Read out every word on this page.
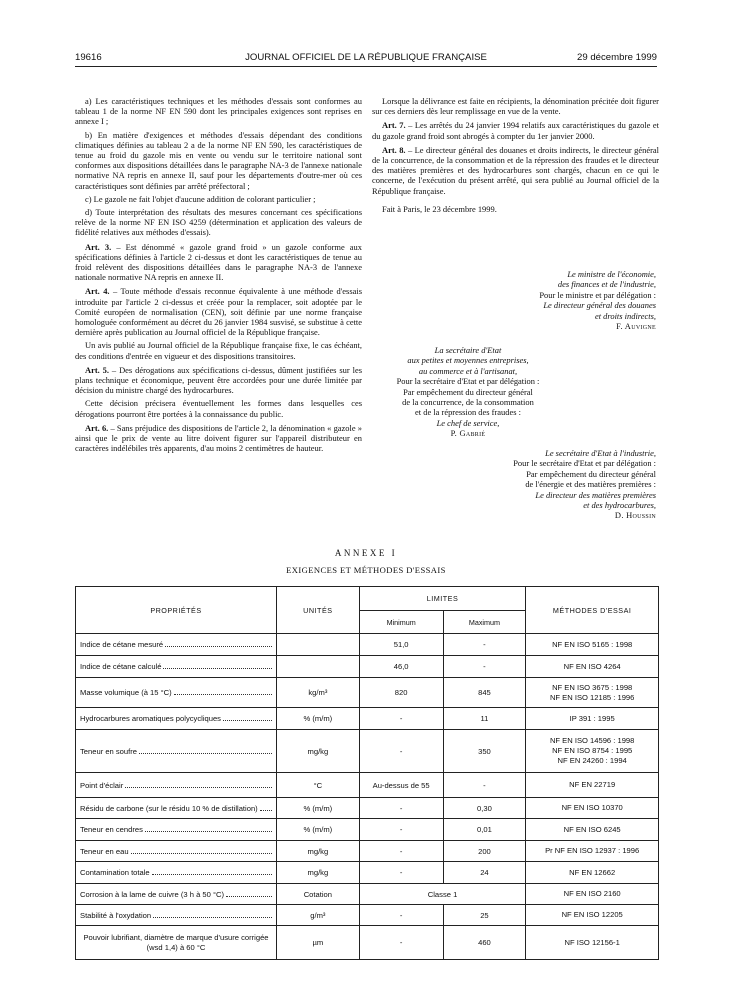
19616	JOURNAL OFFICIEL DE LA RÉPUBLIQUE FRANÇAISE	29 décembre 1999

a) Les caractéristiques techniques et les méthodes d'essais sont conformes au tableau 1 de la norme NF EN 590 dont les principales exigences sont reprises en annexe I ;

b) En matière d'exigences et méthodes d'essais dépendant des conditions climatiques définies au tableau 2 a de la norme NF EN 590, les caractéristiques de tenue au froid du gazole mis en vente ou vendu sur le territoire national sont conformes aux dispositions détaillées dans le paragraphe NA-3 de l'annexe nationale normative NA repris en annexe II, sauf pour les départements d'outre-mer où ces caractéristiques sont définies par arrêté préfectoral ;

c) Le gazole ne fait l'objet d'aucune addition de colorant particulier ;

d) Toute interprétation des résultats des mesures concernant ces spécifications relève de la norme NF EN ISO 4259 (détermination et application des valeurs de fidélité relatives aux méthodes d'essais).

Art. 3. – Est dénommé « gazole grand froid » un gazole conforme aux spécifications définies à l'article 2 ci-dessus et dont les caractéristiques de tenue au froid relèvent des dispositions détaillées dans le paragraphe NA-3 de l'annexe nationale normative NA repris en annexe II.

Art. 4. – Toute méthode d'essais reconnue équivalente à une méthode d'essais introduite par l'article 2 ci-dessus et créée pour la remplacer, soit adoptée par le Comité européen de normalisation (CEN), soit définie par une norme française homologuée conformément au décret du 26 janvier 1984 susvisé, se substitue à cette dernière après publication au Journal officiel de la République française.

Un avis publié au Journal officiel de la République française fixe, le cas échéant, des conditions d'entrée en vigueur et des dispositions transitoires.

Art. 5. – Des dérogations aux spécifications ci-dessus, dûment justifiées sur les plans technique et économique, peuvent être accordées pour une durée limitée par décision du ministre chargé des hydrocarbures.

Cette décision précisera éventuellement les formes dans lesquelles ces dérogations pourront être portées à la connaissance du public.

Art. 6. – Sans préjudice des dispositions de l'article 2, la dénomination « gazole » ainsi que le prix de vente au litre doivent figurer sur l'appareil distributeur en caractères indélébiles très apparents, d'au moins 2 centimètres de hauteur.

Lorsque la délivrance est faite en récipients, la dénomination précitée doit figurer sur ces derniers dès leur remplissage en vue de la vente.

Art. 7. – Les arrêtés du 24 janvier 1994 relatifs aux caractéristiques du gazole et du gazole grand froid sont abrogés à compter du 1er janvier 2000.

Art. 8. – Le directeur général des douanes et droits indirects, le directeur général de la concurrence, de la consommation et de la répression des fraudes et le directeur des matières premières et des hydrocarbures sont chargés, chacun en ce qui le concerne, de l'exécution du présent arrêté, qui sera publié au Journal officiel de la République française.

Fait à Paris, le 23 décembre 1999.

Le ministre de l'économie,
des finances et de l'industrie,
Pour le ministre et par délégation :
Le directeur général des douanes
et droits indirects,
F. Auvigne
La secrétaire d'Etat
aux petites et moyennes entreprises,
au commerce et à l'artisanat,
Pour la secrétaire d'Etat et par délégation :
Par empêchement du directeur général
de la concurrence, de la consommation
et de la répression des fraudes :
Le chef de service,
P. Gabrié
Le secrétaire d'Etat à l'industrie,
Pour le secrétaire d'Etat et par délégation :
Par empêchement du directeur général
de l'énergie et des matières premières :
Le directeur des matières premières
et des hydrocarbures,
D. Houssin
ANNEXE I
EXIGENCES ET MÉTHODES D'ESSAIS
PROPRIÉTÉS	UNITÉS	LIMITES		MÉTHODES D'ESSAI
		Minimum	Maximum	

Indice de cétane mesuré		51,0	-	NF EN ISO 5165 : 1998

Indice de cétane calculé		46,0	-	NF EN ISO 4264

Masse volumique (à 15 °C)	kg/m³	820	845	NF EN ISO 3675 : 1998
NF EN ISO 12185 : 1996

Hydrocarbures aromatiques polycycliques	% (m/m)	-	11	IP 391 : 1995

Teneur en soufre	mg/kg	-	350	NF EN ISO 14596 : 1998
NF EN ISO 8754 : 1995
NF EN 24260 : 1994

Point d'éclair	°C	Au-dessus de 55	-	NF EN 22719

Résidu de carbone (sur le résidu 10 % de distillation)	% (m/m)	-	0,30	NF EN ISO 10370

Teneur en cendres	% (m/m)	-	0,01	NF EN ISO 6245

Teneur en eau	mg/kg	-	200	Pr NF EN ISO 12937 : 1996

Contamination totale	mg/kg	-	24	NF EN 12662

Corrosion à la lame de cuivre (3 h à 50 °C)	Cotation	Classe 1		NF EN ISO 2160

Stabilité à l'oxydation	g/m³	-	25	NF EN ISO 12205
Pouvoir lubrifiant, diamètre de marque d'usure corrigée (wsd 1,4) à 60 °C	µm	-	460	NF ISO 12156-1
